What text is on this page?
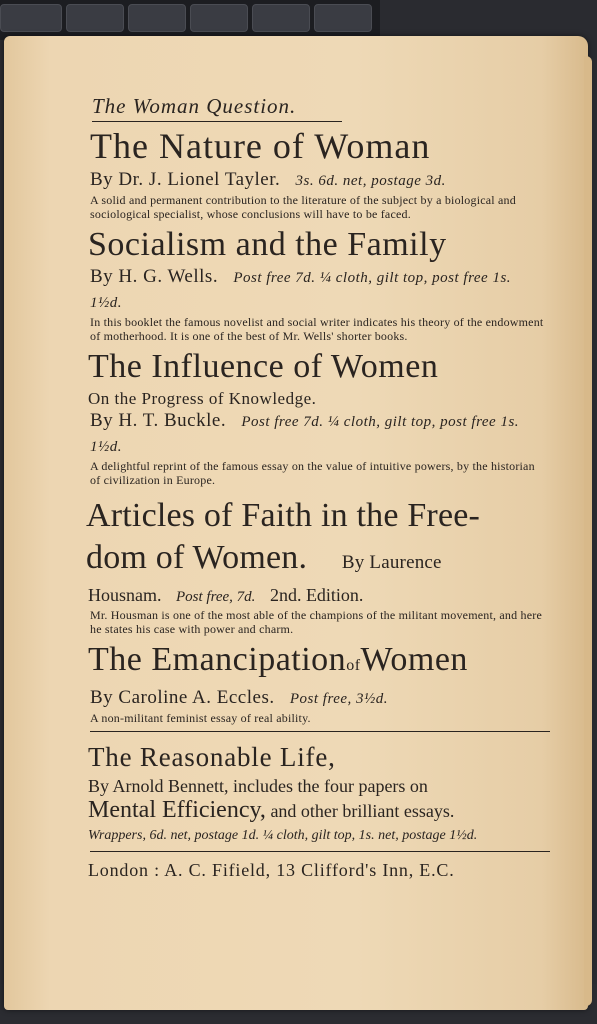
The Woman Question.
The Nature of Woman
By Dr. J. Lionel Tayler. 3s. 6d. net, postage 3d.
A solid and permanent contribution to the literature of the subject by a biological and sociological specialist, whose conclusions will have to be faced.
Socialism and the Family
By H. G. Wells. Post free 7d. ¼ cloth, gilt top, post free 1s. 1½d.
In this booklet the famous novelist and social writer indicates his theory of the endowment of motherhood. It is one of the best of Mr. Wells' shorter books.
The Influence of Women
On the Progress of Knowledge.
By H. T. Buckle. Post free 7d. ¼ cloth, gilt top, post free 1s. 1½d.
A delightful reprint of the famous essay on the value of intuitive powers, by the historian of civilization in Europe.
Articles of Faith in the Free-
dom of Women. By Laurence
Housnam. Post free, 7d. 2nd. Edition.
Mr. Housman is one of the most able of the champions of the militant movement, and here he states his case with power and charm.
The EmancipationofWomen
By Caroline A. Eccles. Post free, 3½d.
A non-militant feminist essay of real ability.
The Reasonable Life,
By Arnold Bennett, includes the four papers on
Mental Efficiency, and other brilliant essays.
Wrappers, 6d. net, postage 1d. ¼ cloth, gilt top, 1s. net, postage 1½d.
London : A. C. Fifield, 13 Clifford's Inn, E.C.
